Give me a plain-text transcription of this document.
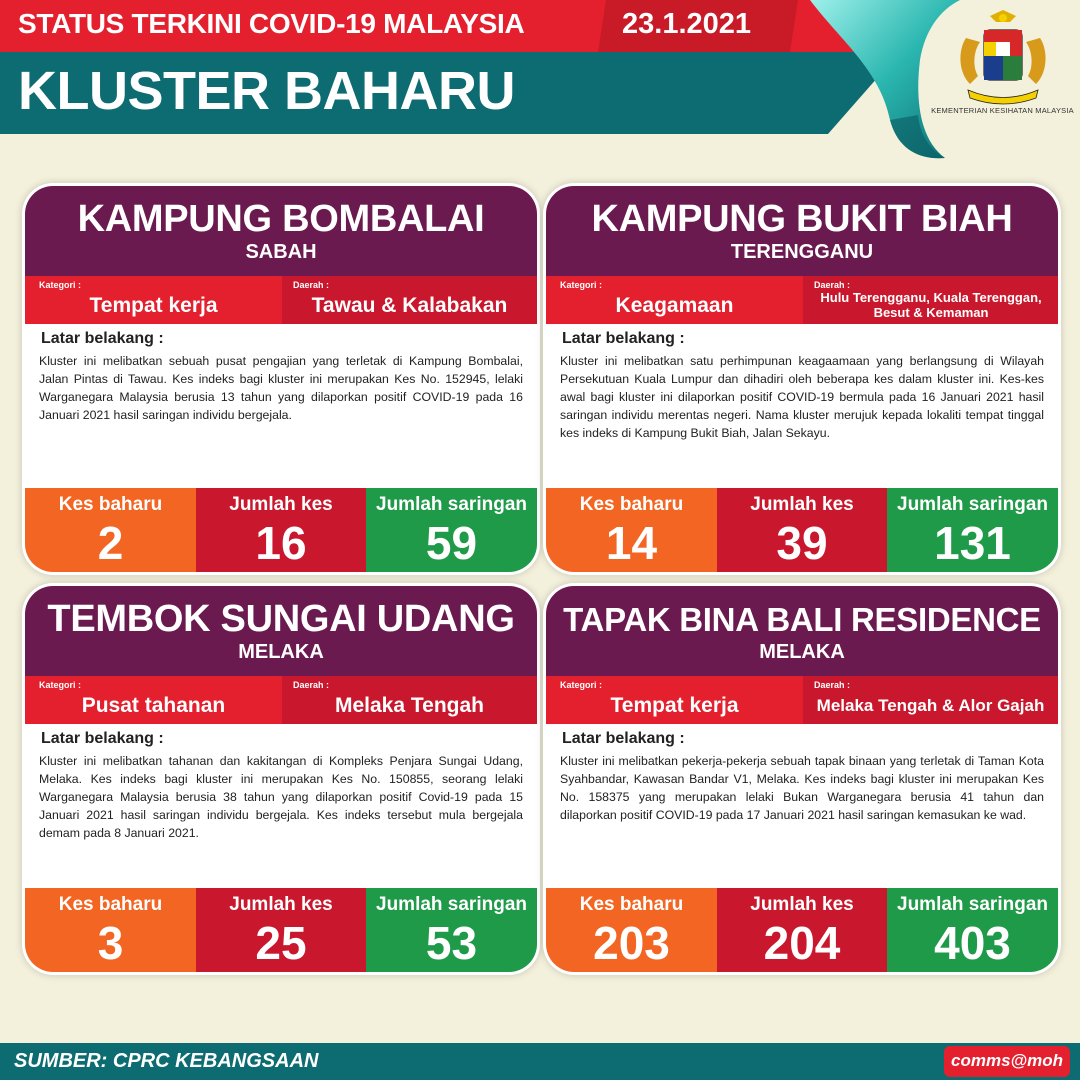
STATUS TERKINI COVID-19 MALAYSIA	23.1.2021
KLUSTER BAHARU	KEMENTERIAN KESIHATAN MALAYSIA
KAMPUNG BOMBALAI
SABAH
Kategori :
Tempat kerja
Daerah :
Tawau & Kalabakan
Latar belakang :
Kluster ini melibatkan sebuah pusat pengajian yang terletak di Kampung Bombalai, Jalan Pintas di Tawau. Kes indeks bagi kluster ini merupakan Kes No. 152945, lelaki Warganegara Malaysia berusia 13 tahun yang dilaporkan positif COVID-19 pada 16 Januari 2021 hasil saringan individu bergejala.
Kes baharu
2
Jumlah kes
16
Jumlah saringan
59
KAMPUNG BUKIT BIAH
TERENGGANU
Kategori :
Keagamaan
Daerah :
Hulu Terengganu, Kuala Terenggan, Besut & Kemaman
Latar belakang :
Kluster ini melibatkan satu perhimpunan keagaamaan yang berlangsung di Wilayah Persekutuan Kuala Lumpur dan dihadiri oleh beberapa kes dalam kluster ini. Kes-kes awal bagi kluster ini dilaporkan positif COVID-19 bermula pada 16 Januari 2021 hasil saringan individu merentas negeri. Nama kluster merujuk kepada lokaliti tempat tinggal kes indeks di Kampung Bukit Biah, Jalan Sekayu.
Kes baharu
14
Jumlah kes
39
Jumlah saringan
131
TEMBOK SUNGAI UDANG
MELAKA
Kategori :
Pusat tahanan
Daerah :
Melaka Tengah
Latar belakang :
Kluster ini melibatkan tahanan dan kakitangan di Kompleks Penjara Sungai Udang, Melaka. Kes indeks bagi kluster ini merupakan Kes No. 150855, seorang lelaki Warganegara Malaysia berusia 38 tahun yang dilaporkan positif Covid-19 pada 15 Januari 2021 hasil saringan individu bergejala. Kes indeks tersebut mula bergejala demam pada 8 Januari 2021.
Kes baharu
3
Jumlah kes
25
Jumlah saringan
53
TAPAK BINA BALI RESIDENCE
MELAKA
Kategori :
Tempat kerja
Daerah :
Melaka Tengah & Alor Gajah
Latar belakang :
Kluster ini melibatkan pekerja-pekerja sebuah tapak binaan yang terletak di Taman Kota Syahbandar, Kawasan Bandar V1, Melaka. Kes indeks bagi kluster ini merupakan Kes No. 158375 yang merupakan lelaki Bukan Warganegara berusia 41 tahun dan dilaporkan positif COVID-19 pada 17 Januari 2021 hasil saringan kemasukan ke wad.
Kes baharu
203
Jumlah kes
204
Jumlah saringan
403
SUMBER: CPRC KEBANGSAAN	comms@moh
